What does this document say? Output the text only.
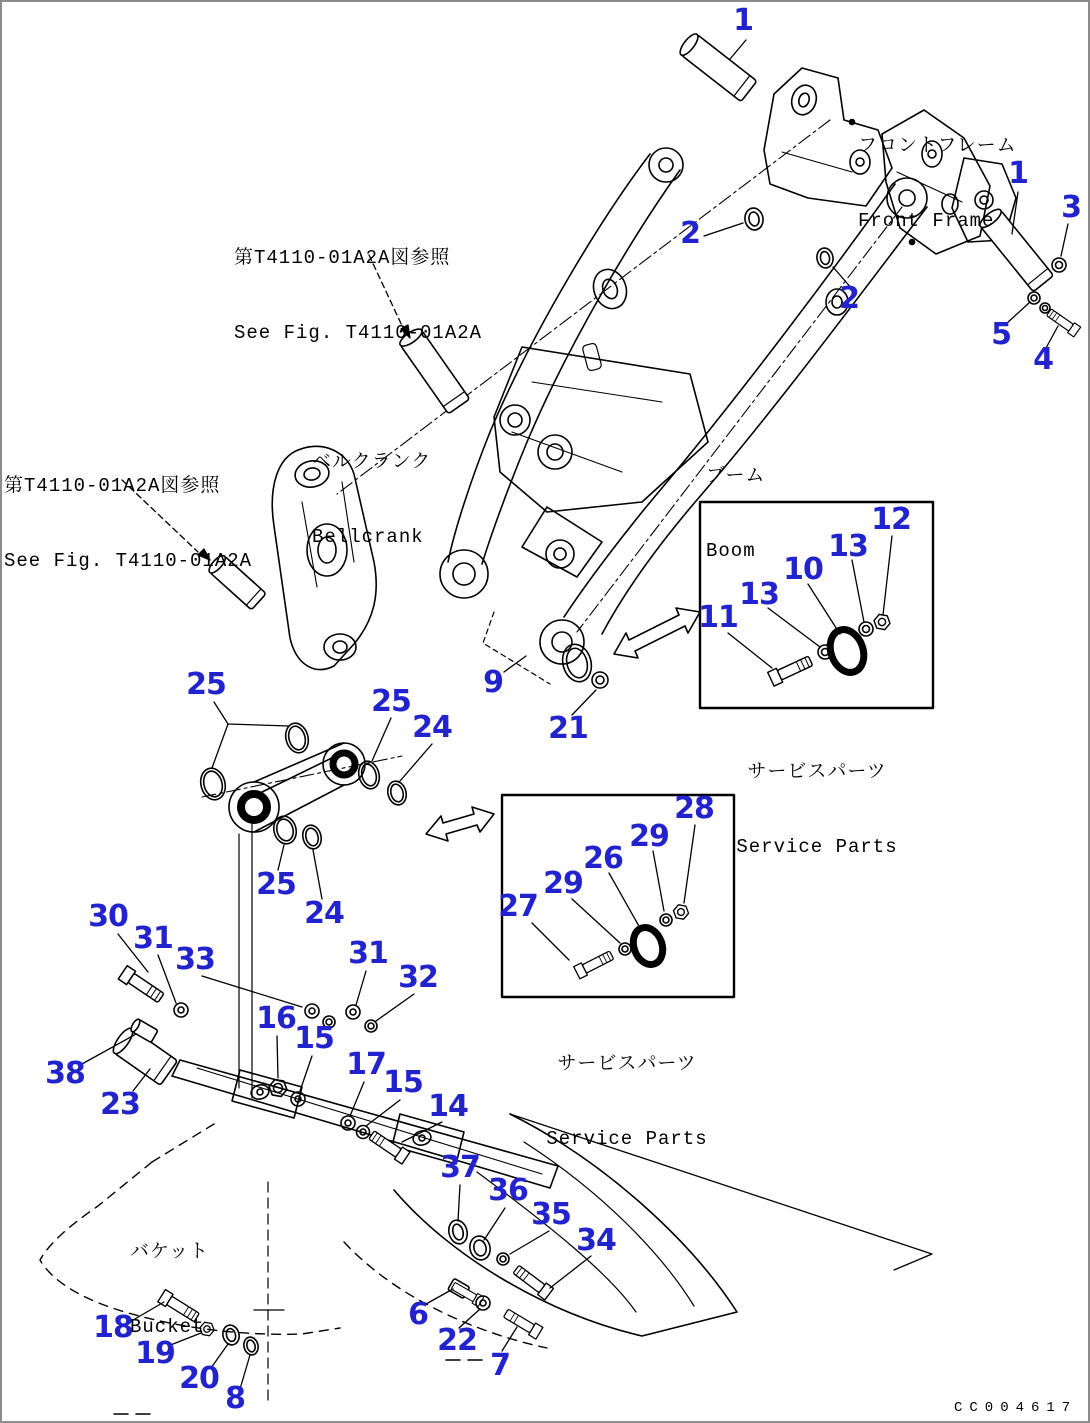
フロントフレーム

Front Frame

第T4110-01A2A図参照

See Fig. T4110-01A2A

第T4110-01A2A図参照

See Fig. T4110-01A2A

ベルクランク

Bellcrank

ブーム

Boom

サービスパーツ

Service Parts

サービスパーツ

Service Parts

バケット

Bucket

CC004617
1
2
2
1
3
5
4
9
21
25	25
24
25
24
11
13
10
13
12
27
29
26
29
28
30
31
33
38
23
16
15
31
32
17
15
14
37
36
35
34
6
22
7
18
19
20
8
